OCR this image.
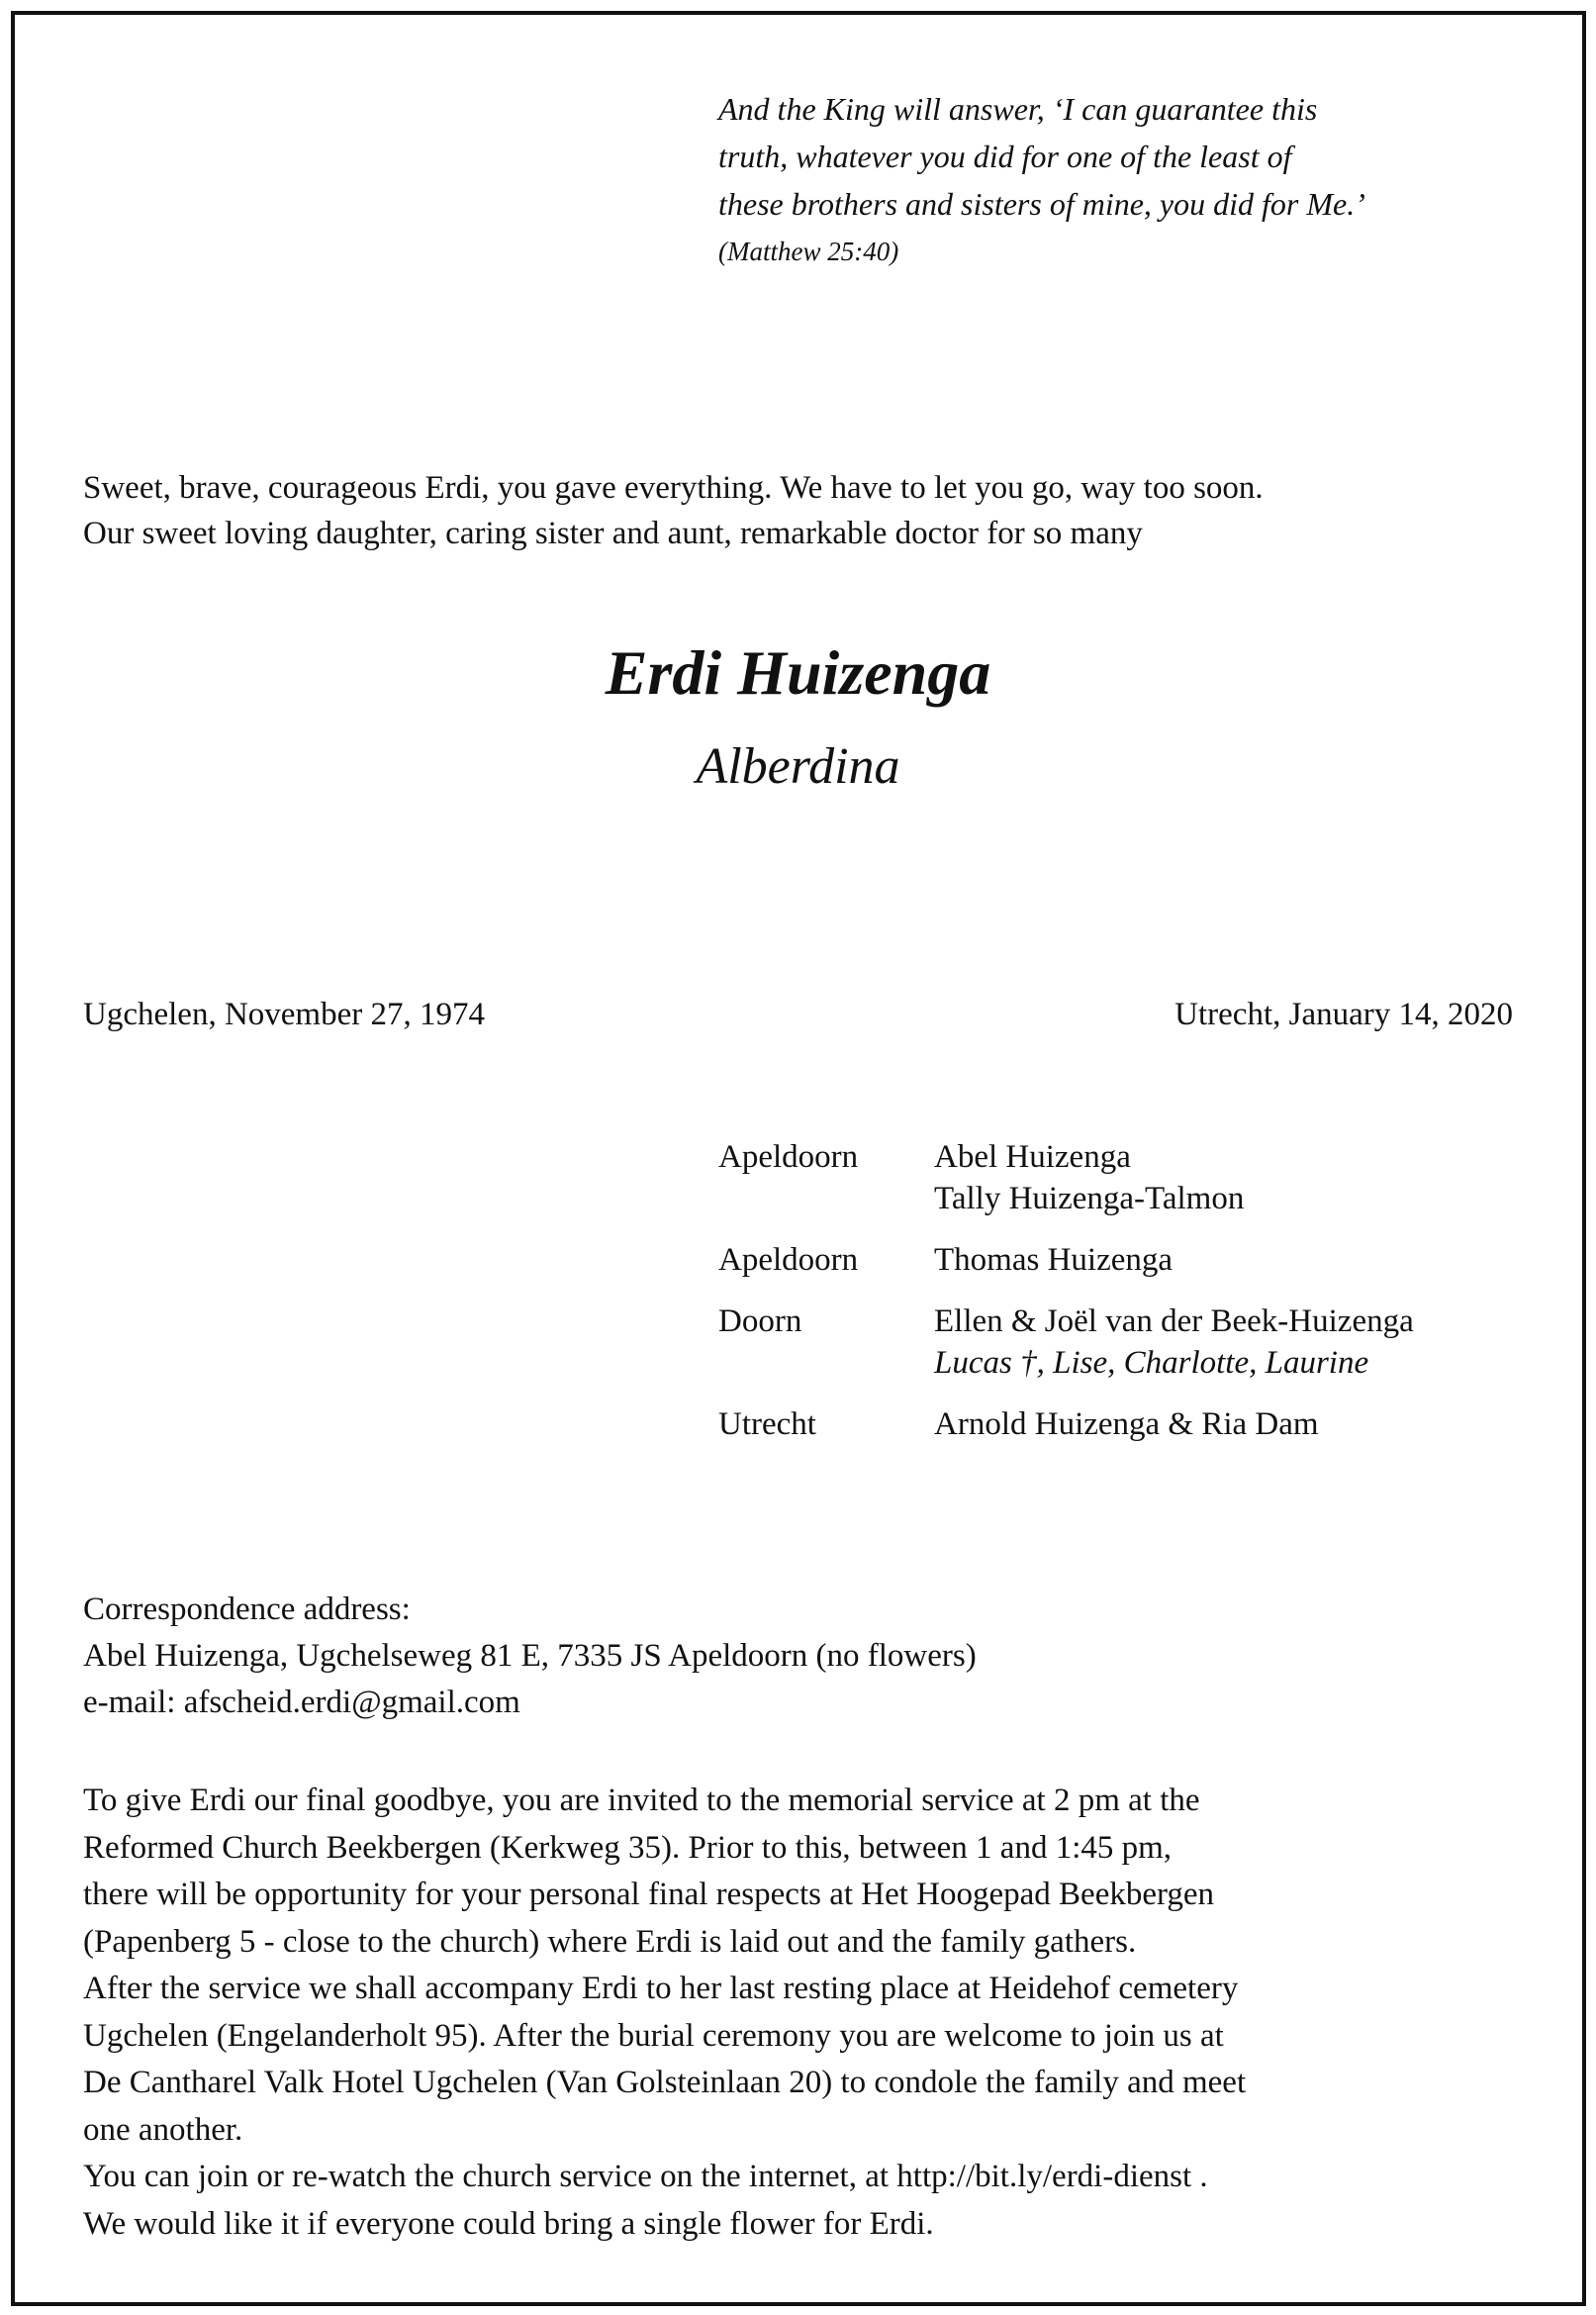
And the King will answer, ‘I can guarantee this
truth, whatever you did for one of the least of
these brothers and sisters of mine, you did for Me.’
(Matthew 25:40)
Sweet, brave, courageous Erdi, you gave everything. We have to let you go, way too soon.
Our sweet loving daughter, caring sister and aunt, remarkable doctor for so many
Erdi Huizenga
Alberdina
Ugchelen, November 27, 1974	Utrecht, January 14, 2020
Apeldoorn	Abel Huizenga
Tally Huizenga-Talmon
Apeldoorn	Thomas Huizenga
Doorn	Ellen & Joël van der Beek-Huizenga
Lucas †, Lise, Charlotte, Laurine
Utrecht	Arnold Huizenga & Ria Dam
Correspondence address:
Abel Huizenga, Ugchelseweg 81 E, 7335 JS Apeldoorn (no flowers)
e-mail: afscheid.erdi@gmail.com
To give Erdi our final goodbye, you are invited to the memorial service at 2 pm at the
Reformed Church Beekbergen (Kerkweg 35). Prior to this, between 1 and 1:45 pm,
there will be opportunity for your personal final respects at Het Hoogepad Beekbergen
(Papenberg 5 - close to the church) where Erdi is laid out and the family gathers.
After the service we shall accompany Erdi to her last resting place at Heidehof cemetery
Ugchelen (Engelanderholt 95). After the burial ceremony you are welcome to join us at
De Cantharel Valk Hotel Ugchelen (Van Golsteinlaan 20) to condole the family and meet
one another.
You can join or re-watch the church service on the internet, at http://bit.ly/erdi-dienst .
We would like it if everyone could bring a single flower for Erdi.
